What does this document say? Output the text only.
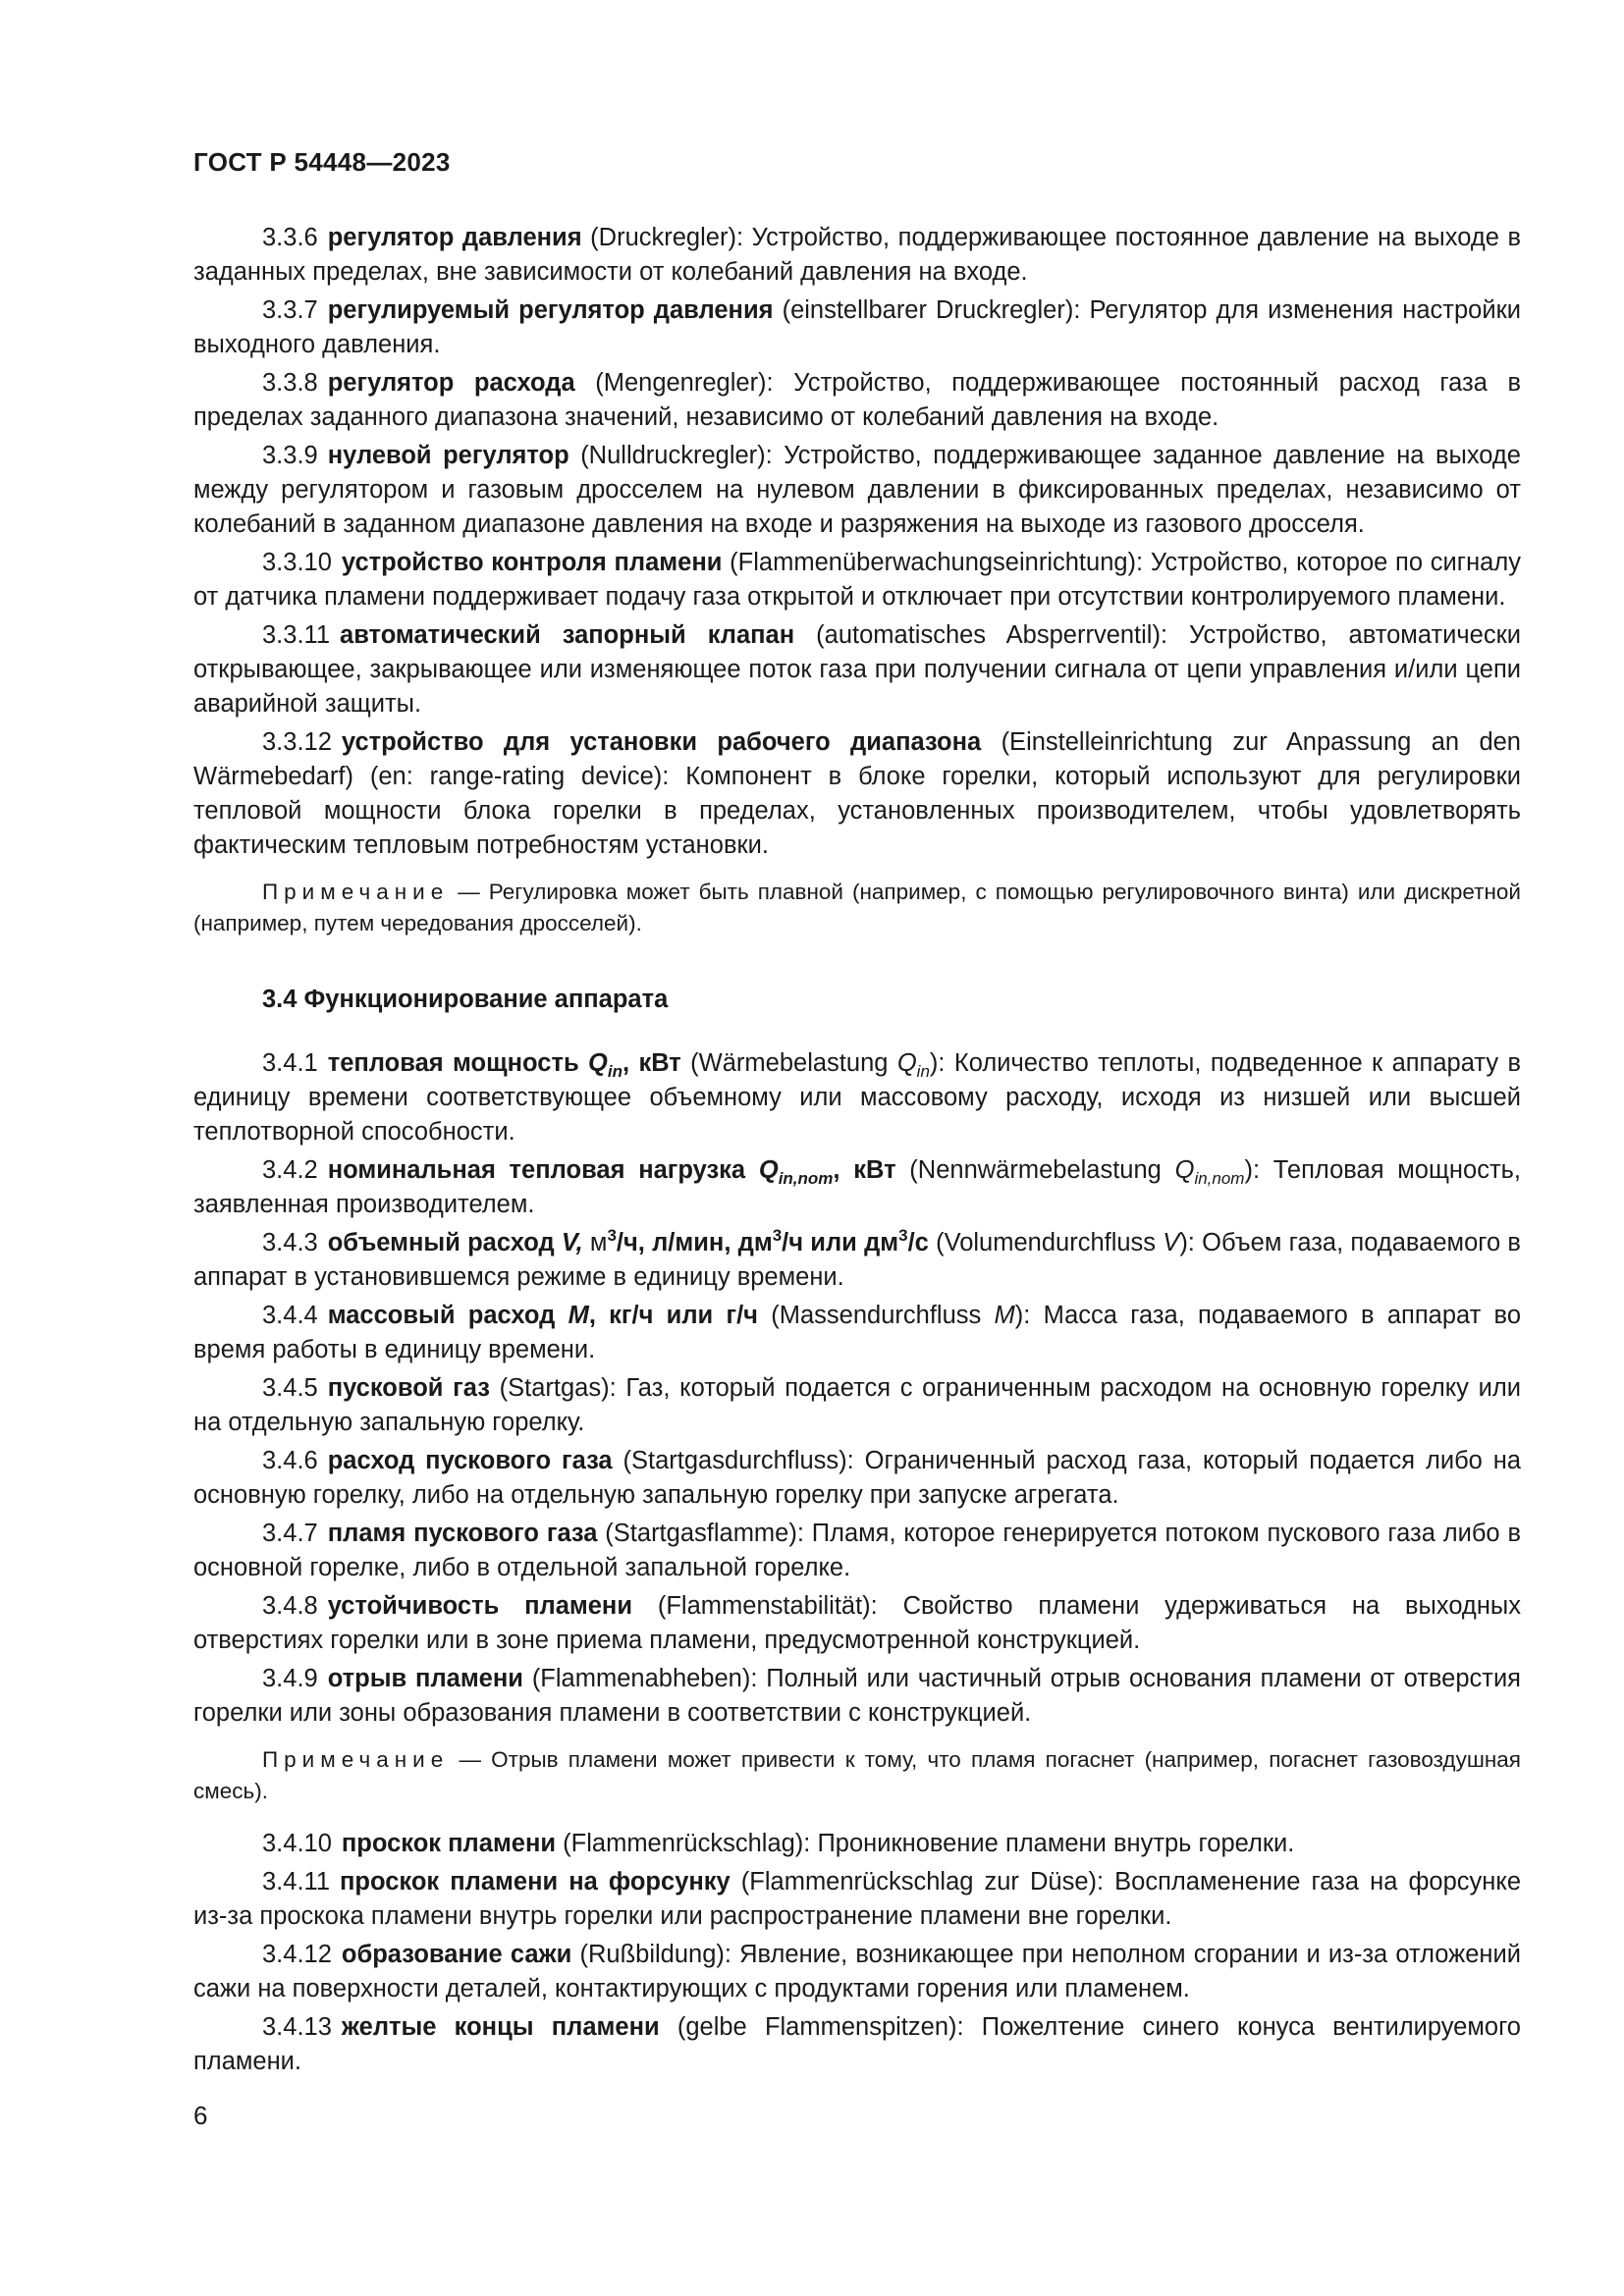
ГОСТ Р 54448—2023

3.3.6 регулятор давления (Druckregler): Устройство, поддерживающее постоянное давление на выходе в заданных пределах, вне зависимости от колебаний давления на входе.

3.3.7 регулируемый регулятор давления (einstellbarer Druckregler): Регулятор для изменения настройки выходного давления.

3.3.8 регулятор расхода (Mengenregler): Устройство, поддерживающее постоянный расход газа в пределах заданного диапазона значений, независимо от колебаний давления на входе.

3.3.9 нулевой регулятор (Nulldruckregler): Устройство, поддерживающее заданное давление на выходе между регулятором и газовым дросселем на нулевом давлении в фиксированных пределах, независимо от колебаний в заданном диапазоне давления на входе и разряжения на выходе из газового дросселя.

3.3.10 устройство контроля пламени (Flammenüberwachungseinrichtung): Устройство, которое по сигналу от датчика пламени поддерживает подачу газа открытой и отключает при отсутствии контролируемого пламени.

3.3.11 автоматический запорный клапан (automatisches Absperrventil): Устройство, автоматически открывающее, закрывающее или изменяющее поток газа при получении сигнала от цепи управления и/или цепи аварийной защиты.

3.3.12 устройство для установки рабочего диапазона (Einstelleinrichtung zur Anpassung an den Wärmebedarf) (en: range-rating device): Компонент в блоке горелки, который используют для регулировки тепловой мощности блока горелки в пределах, установленных производителем, чтобы удовлетворять фактическим тепловым потребностям установки.

Примечание — Регулировка может быть плавной (например, с помощью регулировочного винта) или дискретной (например, путем чередования дросселей).

3.4 Функционирование аппарата

3.4.1 тепловая мощность $Q_{in}$, кВт (Wärmebelastung $Q_{in}$): Количество теплоты, подведенное к аппарату в единицу времени соответствующее объемному или массовому расходу, исходя из низшей или высшей теплотворной способности.

3.4.2 номинальная тепловая нагрузка $Q_{in,nom}$, кВт (Nennwärmebelastung $Q_{in,nom}$): Тепловая мощность, заявленная производителем.

3.4.3 объемный расход V, $м^3/ч$, л/мин, $дм^3/ч$ или $дм^3/с$ (Volumendurchfluss V): Объем газа, подаваемого в аппарат в установившемся режиме в единицу времени.

3.4.4 массовый расход M, кг/ч или г/ч (Massendurchfluss M): Масса газа, подаваемого в аппарат во время работы в единицу времени.

3.4.5 пусковой газ (Startgas): Газ, который подается с ограниченным расходом на основную горелку или на отдельную запальную горелку.

3.4.6 расход пускового газа (Startgasdurchfluss): Ограниченный расход газа, который подается либо на основную горелку, либо на отдельную запальную горелку при запуске агрегата.

3.4.7 пламя пускового газа (Startgasflamme): Пламя, которое генерируется потоком пускового газа либо в основной горелке, либо в отдельной запальной горелке.

3.4.8 устойчивость пламени (Flammenstabilität): Свойство пламени удерживаться на выходных отверстиях горелки или в зоне приема пламени, предусмотренной конструкцией.

3.4.9 отрыв пламени (Flammenabheben): Полный или частичный отрыв основания пламени от отверстия горелки или зоны образования пламени в соответствии с конструкцией.

Примечание — Отрыв пламени может привести к тому, что пламя погаснет (например, погаснет газовоздушная смесь).

3.4.10 проскок пламени (Flammenrückschlag): Проникновение пламени внутрь горелки.

3.4.11 проскок пламени на форсунку (Flammenrückschlag zur Düse): Воспламенение газа на форсунке из-за проскока пламени внутрь горелки или распространение пламени вне горелки.

3.4.12 образование сажи (Rußbildung): Явление, возникающее при неполном сгорании и из-за отложений сажи на поверхности деталей, контактирующих с продуктами горения или пламенем.

3.4.13 желтые концы пламени (gelbe Flammenspitzen): Пожелтение синего конуса вентилируемого пламени.

6
